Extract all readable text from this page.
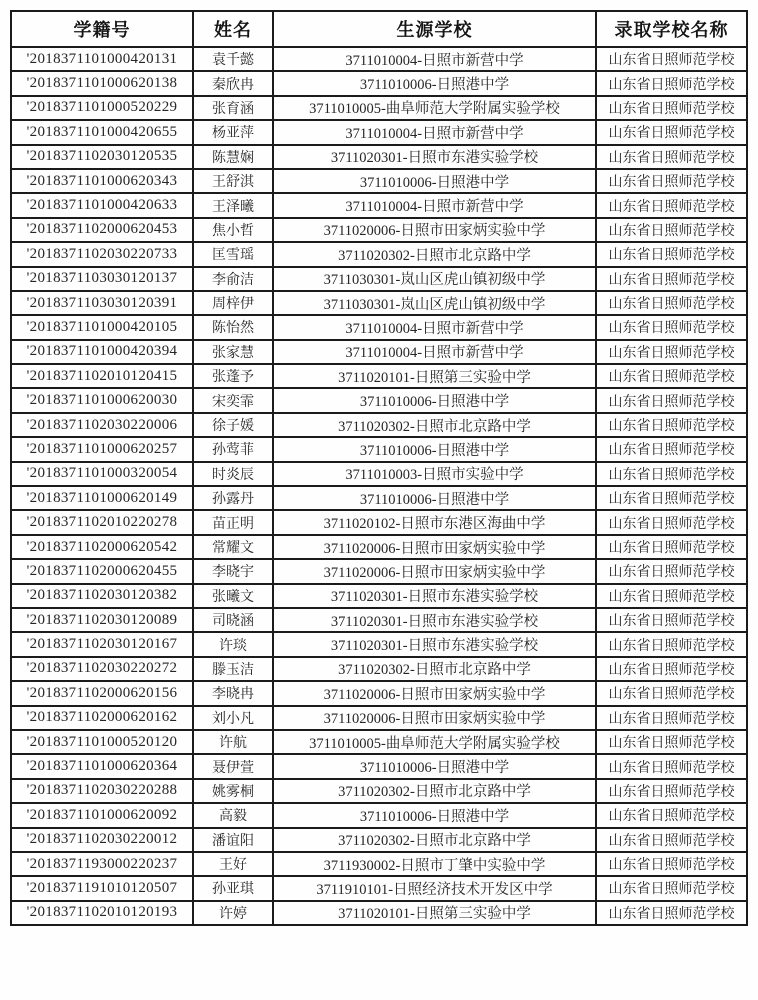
学籍号	姓名	生源学校	录取学校名称
'2018371101000420131	袁千懿	3711010004-日照市新营中学	山东省日照师范学校
'2018371101000620138	秦欣冉	3711010006-日照港中学	山东省日照师范学校
'2018371101000520229	张育涵	3711010005-曲阜师范大学附属实验学校	山东省日照师范学校
'2018371101000420655	杨亚萍	3711010004-日照市新营中学	山东省日照师范学校
'2018371102030120535	陈慧娴	3711020301-日照市东港实验学校	山东省日照师范学校
'2018371101000620343	王舒淇	3711010006-日照港中学	山东省日照师范学校
'2018371101000420633	王泽曦	3711010004-日照市新营中学	山东省日照师范学校
'2018371102000620453	焦小哲	3711020006-日照市田家炳实验中学	山东省日照师范学校
'2018371102030220733	匡雪瑶	3711020302-日照市北京路中学	山东省日照师范学校
'2018371103030120137	李俞洁	3711030301-岚山区虎山镇初级中学	山东省日照师范学校
'2018371103030120391	周梓伊	3711030301-岚山区虎山镇初级中学	山东省日照师范学校
'2018371101000420105	陈怡然	3711010004-日照市新营中学	山东省日照师范学校
'2018371101000420394	张家慧	3711010004-日照市新营中学	山东省日照师范学校
'2018371102010120415	张蓬予	3711020101-日照第三实验中学	山东省日照师范学校
'2018371101000620030	宋奕霏	3711010006-日照港中学	山东省日照师范学校
'2018371102030220006	徐子媛	3711020302-日照市北京路中学	山东省日照师范学校
'2018371101000620257	孙莺菲	3711010006-日照港中学	山东省日照师范学校
'2018371101000320054	时炎辰	3711010003-日照市实验中学	山东省日照师范学校
'2018371101000620149	孙露丹	3711010006-日照港中学	山东省日照师范学校
'2018371102010220278	苗正明	3711020102-日照市东港区海曲中学	山东省日照师范学校
'2018371102000620542	常耀文	3711020006-日照市田家炳实验中学	山东省日照师范学校
'2018371102000620455	李晓宇	3711020006-日照市田家炳实验中学	山东省日照师范学校
'2018371102030120382	张曦文	3711020301-日照市东港实验学校	山东省日照师范学校
'2018371102030120089	司晓涵	3711020301-日照市东港实验学校	山东省日照师范学校
'2018371102030120167	许琰	3711020301-日照市东港实验学校	山东省日照师范学校
'2018371102030220272	滕玉洁	3711020302-日照市北京路中学	山东省日照师范学校
'2018371102000620156	李晓冉	3711020006-日照市田家炳实验中学	山东省日照师范学校
'2018371102000620162	刘小凡	3711020006-日照市田家炳实验中学	山东省日照师范学校
'2018371101000520120	许航	3711010005-曲阜师范大学附属实验学校	山东省日照师范学校
'2018371101000620364	聂伊萱	3711010006-日照港中学	山东省日照师范学校
'2018371102030220288	姚雾桐	3711020302-日照市北京路中学	山东省日照师范学校
'2018371101000620092	高毅	3711010006-日照港中学	山东省日照师范学校
'2018371102030220012	潘谊阳	3711020302-日照市北京路中学	山东省日照师范学校
'2018371193000220237	王好	3711930002-日照市丁肇中实验中学	山东省日照师范学校
'2018371191010120507	孙亚琪	3711910101-日照经济技术开发区中学	山东省日照师范学校
'2018371102010120193	许婷	3711020101-日照第三实验中学	山东省日照师范学校
